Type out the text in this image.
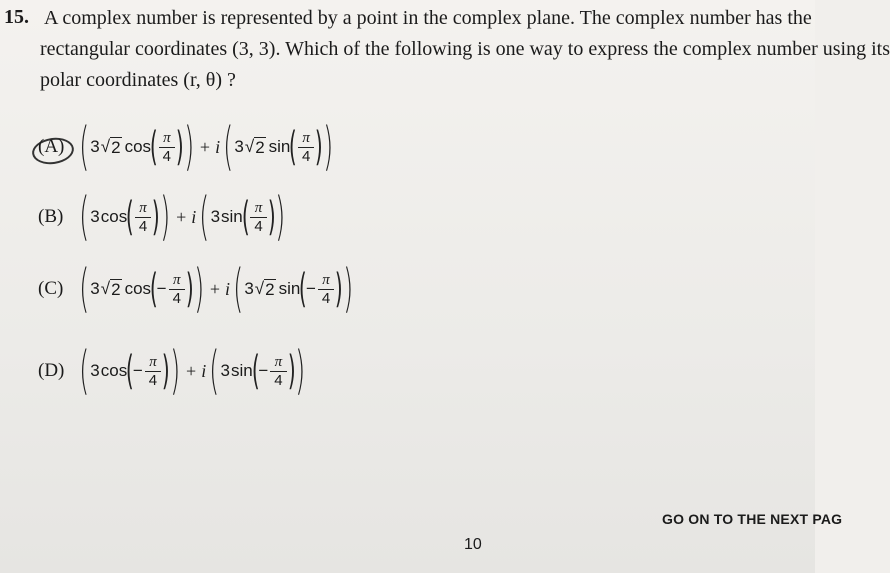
15. A complex number is represented by a point in the complex plane. The complex number has the
rectangular coordinates (3, 3). Which of the following is one way to express the complex number using its
polar coordinates (r, θ) ?
(A) ( 3 √ 2 cos
( $\frac{\pi}{4}$ ) ) + i ( 3 √ 2 sin
( $\frac{\pi}{4}$ ) )
(B) ( 3 cos
( $\frac{\pi}{4}$ ) ) + i ( 3 sin
( $\frac{\pi}{4}$ ) )
(C) ( 3 √ 2 cos
(
− $\frac{\pi}{4}$ ) ) + i ( 3 √ 2 sin
(
− $\frac{\pi}{4}$ ) )
(D) ( 3 cos
(
− $\frac{\pi}{4}$ ) ) + i ( 3 sin
(
− $\frac{\pi}{4}$ ) )
GO ON TO THE NEXT PAG
10
